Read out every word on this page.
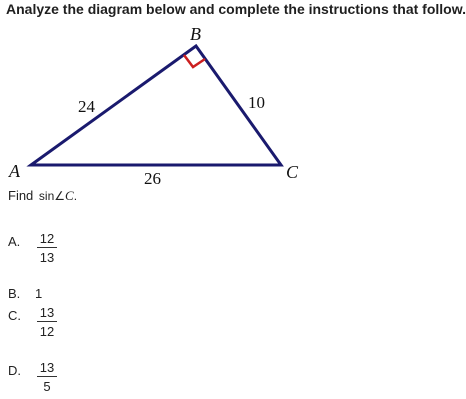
Analyze the diagram below and complete the instructions that follow.
B
A	C
24	10
26
Find sin∠C.
A. 12
13
B. 1
C. 13
12
D. 13
5
